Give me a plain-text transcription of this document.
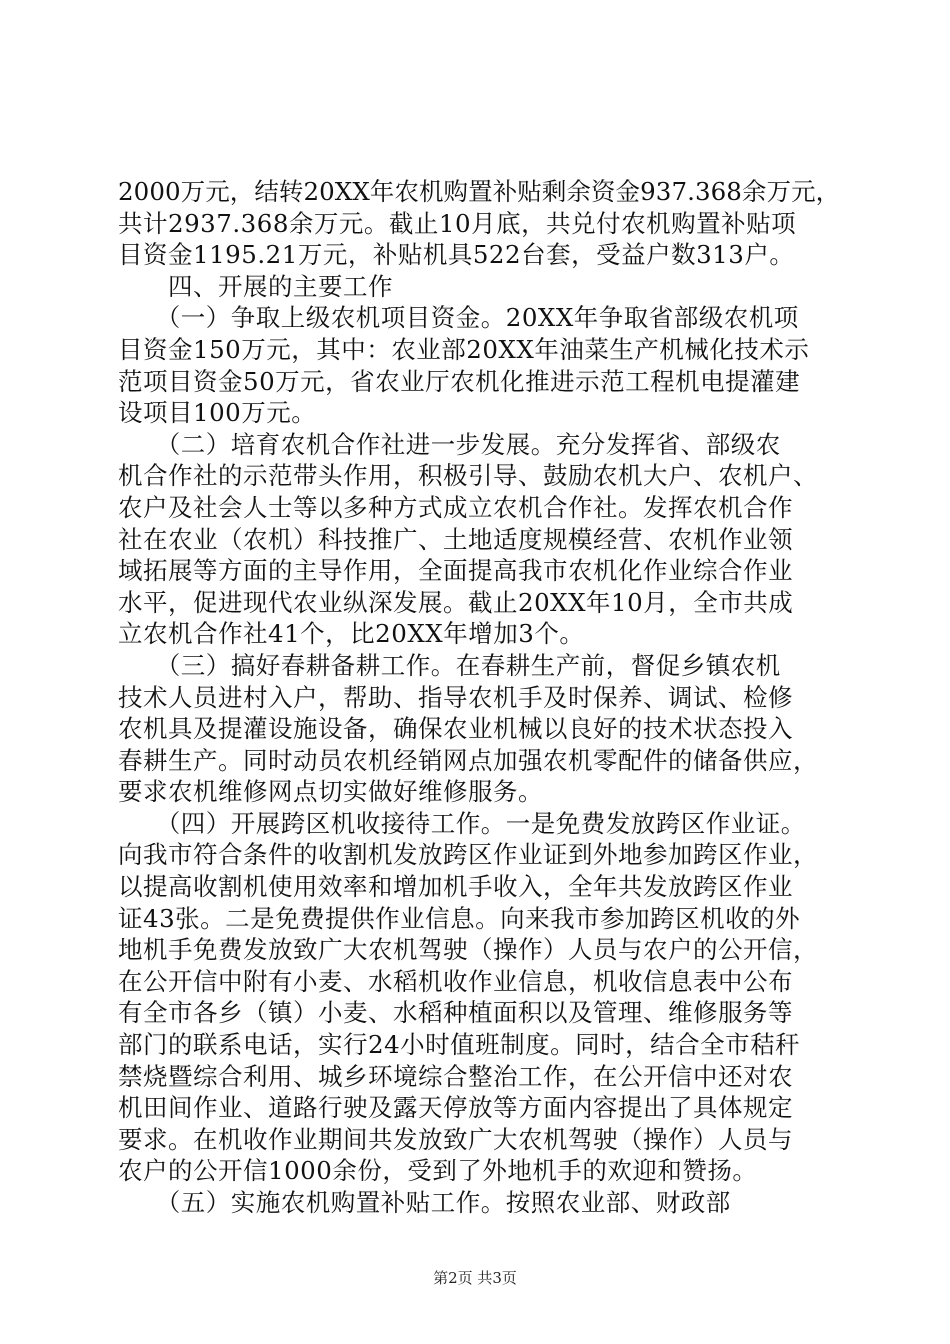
2000万元，结转20XX年农机购置补贴剩余资金937.368余万元，
共计2937.368余万元。截止10月底，共兑付农机购置补贴项
目资金1195.21万元，补贴机具522台套，受益户数313户。
　　四、开展的主要工作
　　（一）争取上级农机项目资金。20XX年争取省部级农机项
目资金150万元，其中：农业部20XX年油菜生产机械化技术示
范项目资金50万元，省农业厅农机化推进示范工程机电提灌建
设项目100万元。
　　（二）培育农机合作社进一步发展。充分发挥省、部级农
机合作社的示范带头作用，积极引导、鼓励农机大户、农机户、
农户及社会人士等以多种方式成立农机合作社。发挥农机合作
社在农业（农机）科技推广、土地适度规模经营、农机作业领
域拓展等方面的主导作用，全面提高我市农机化作业综合作业
水平，促进现代农业纵深发展。截止20XX年10月，全市共成
立农机合作社41个，比20XX年增加3个。
　　（三）搞好春耕备耕工作。在春耕生产前，督促乡镇农机
技术人员进村入户，帮助、指导农机手及时保养、调试、检修
农机具及提灌设施设备，确保农业机械以良好的技术状态投入
春耕生产。同时动员农机经销网点加强农机零配件的储备供应，
要求农机维修网点切实做好维修服务。
　　（四）开展跨区机收接待工作。一是免费发放跨区作业证。
向我市符合条件的收割机发放跨区作业证到外地参加跨区作业，
以提高收割机使用效率和增加机手收入，全年共发放跨区作业
证43张。二是免费提供作业信息。向来我市参加跨区机收的外
地机手免费发放致广大农机驾驶（操作）人员与农户的公开信，
在公开信中附有小麦、水稻机收作业信息，机收信息表中公布
有全市各乡（镇）小麦、水稻种植面积以及管理、维修服务等
部门的联系电话，实行24小时值班制度。同时，结合全市秸秆
禁烧暨综合利用、城乡环境综合整治工作，在公开信中还对农
机田间作业、道路行驶及露天停放等方面内容提出了具体规定
要求。在机收作业期间共发放致广大农机驾驶（操作）人员与
农户的公开信1000余份，受到了外地机手的欢迎和赞扬。
　　（五）实施农机购置补贴工作。按照农业部、财政部
第2页 共3页
